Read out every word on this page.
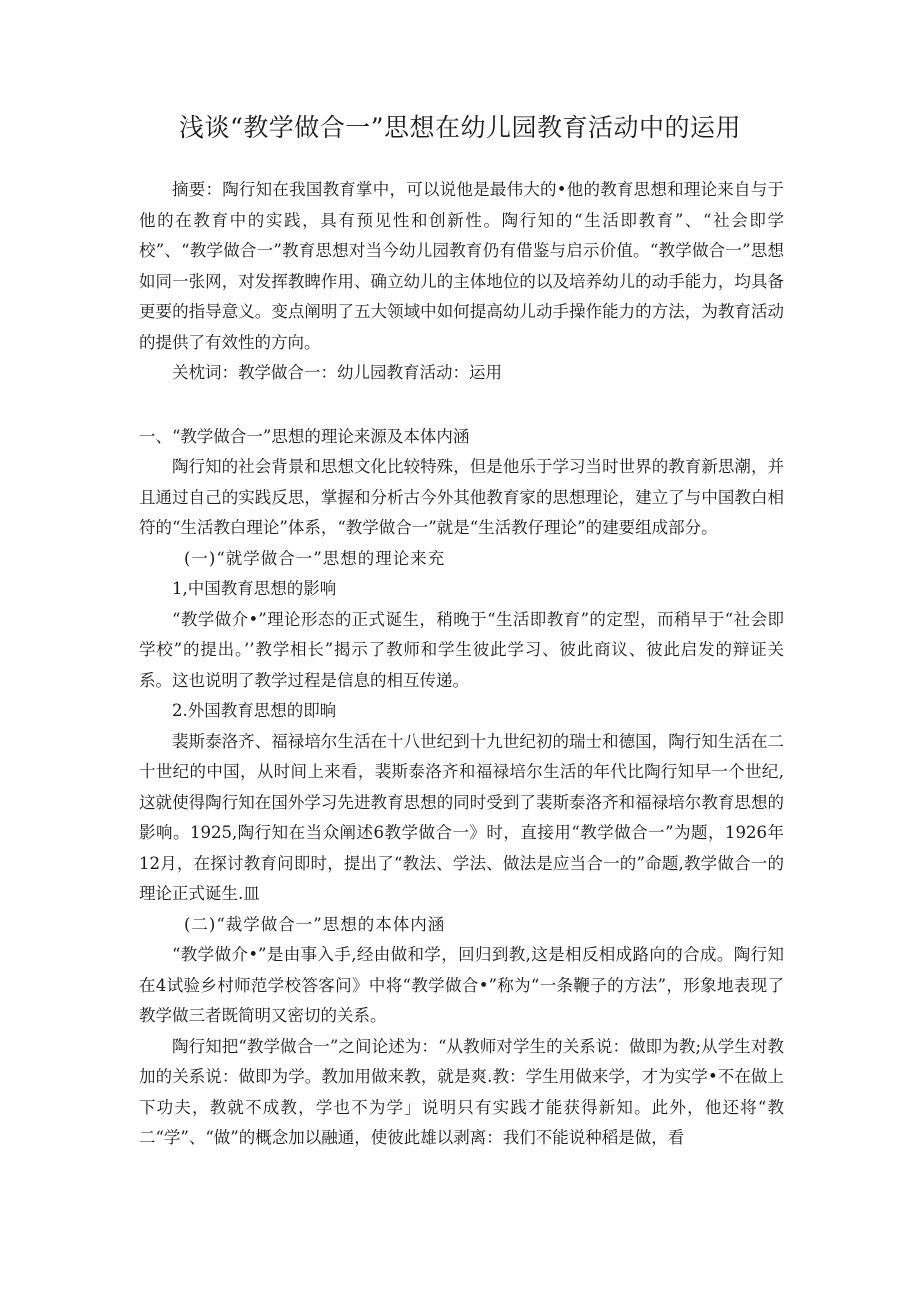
浅谈“教学做合一”思想在幼儿园教育活动中的运用

摘要：陶行知在我国教育掌中，可以说他是最伟大的•他的教育思想和理论来自与于他的在教育中的实践，具有预见性和创新性。陶行知的“生活即教育”、“社会即学校”、“教学做合一”教育思想对当今幼儿园教育仍有借鉴与启示价值。“教学做合一”思想如同一张网，对发挥教睥作用、确立幼儿的主体地位的以及培养幼儿的动手能力，均具备更要的指导意义。变点阐明了五大领域中如何提高幼儿动手操作能力的方法，为教育活动的提供了有效性的方向。

关枕词：教学做合一：幼儿园教育活动：运用

一、“教学做合一”思想的理论来源及本体内涵

陶行知的社会背景和思想文化比较特殊，但是他乐于学习当时世界的教育新思潮，并且通过自己的实践反思，掌握和分析古今外其他教育家的思想理论，建立了与中国教白相符的“生活教白理论”体系，“教学做合一”就是“生活教仔理论”的建要组成部分。

(一)“就学做合一”思想的理论来充

1,中国教育思想的影响

“教学做介•”理论形态的正式诞生，稍晚于“生活即教育”的定型，而稍早于“社会即学校”的提出。’’教学相长”揭示了教师和学生彼此学习、彼此商议、彼此启发的辩证关系。这也说明了教学过程是信息的相互传递。

2.外国教育思想的即晌

裴斯泰洛齐、福禄培尔生活在十八世纪到十九世纪初的瑞士和德国，陶行知生活在二十世纪的中国，从时间上来看，裴斯泰洛齐和福禄培尔生活的年代比陶行知早一个世纪,这就使得陶行知在国外学习先进教育思想的同时受到了裴斯泰洛齐和福禄培尔教育思想的影响。1925,陶行知在当众阐述6教学做合一》时，直接用“教学做合一”为题，1926年12月，在探讨教育问即时，提出了“教法、学法、做法是应当合一的”命题,教学做合一的理论正式诞生.皿

(二)“裁学做合一”思想的本体内涵

“教学做介•”是由事入手,经由做和学，回归到教,这是相反相成路向的合成。陶行知在4试验乡村师范学校答客问》中将“教学做合•”称为“一条鞭子的方法”，形象地表现了教学做三者既简明又密切的关系。

陶行知把“教学做合一”之间论述为：“从教师对学生的关系说：做即为教;从学生对教加的关系说：做即为学。教加用做来教，就是爽.教：学生用做来学，才为实学•不在做上下功夫，教就不成教，学也不为学」说明只有实践才能获得新知。此外，他还将“教二“学”、“做”的概念加以融通，使彼此雄以剥离：我们不能说种稻是做，看
